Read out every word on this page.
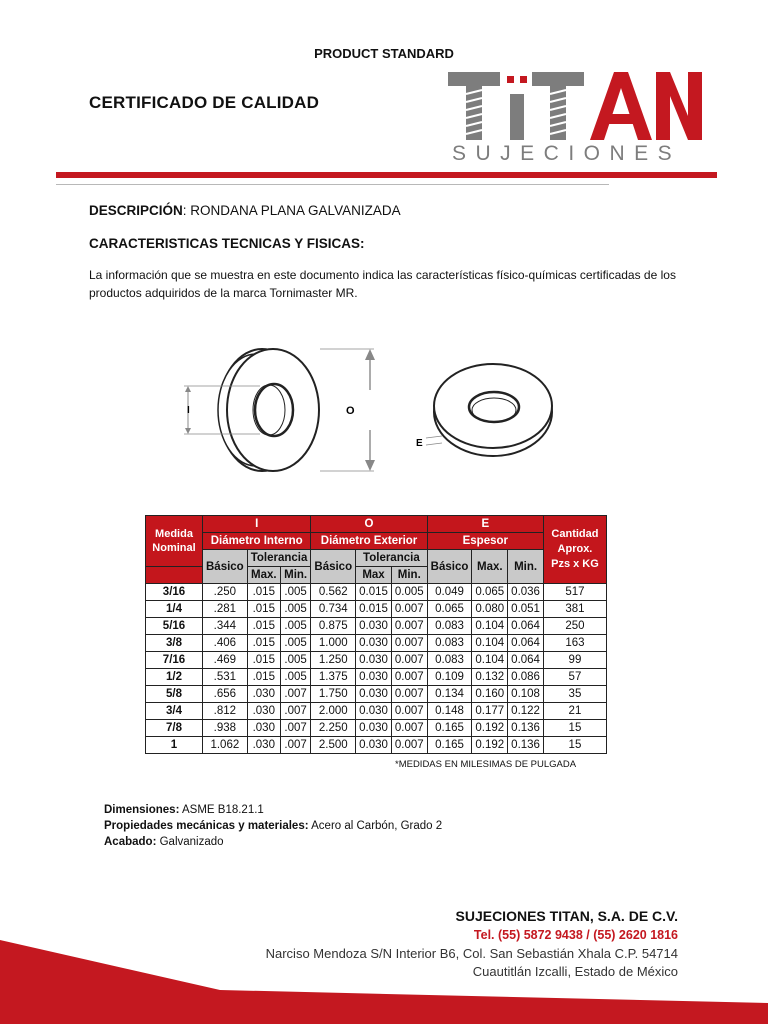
PRODUCT STANDARD
CERTIFICADO DE CALIDAD
SUJECIONES
DESCRIPCIÓN: RONDANA PLANA GALVANIZADA
CARACTERISTICAS TECNICAS Y FISICAS:
La información que se muestra en este documento indica las características físico-químicas certificadas de los productos adquiridos de la marca Tornimaster MR.
I	O
E
Medida Nominal	I			O			E			Cantidad Aprox. Pzs x KG
	Diámetro Interno			Diámetro Exterior			Espesor			
	Básico	Tolerancia		Básico	Tolerancia		Básico	Max.	Min.	
		Max.	Min.		Max	Min.				
3/16	.250	.015	.005	0.562	0.015	0.005	0.049	0.065	0.036	517
1/4	.281	.015	.005	0.734	0.015	0.007	0.065	0.080	0.051	381
5/16	.344	.015	.005	0.875	0.030	0.007	0.083	0.104	0.064	250
3/8	.406	.015	.005	1.000	0.030	0.007	0.083	0.104	0.064	163
7/16	.469	.015	.005	1.250	0.030	0.007	0.083	0.104	0.064	99
1/2	.531	.015	.005	1.375	0.030	0.007	0.109	0.132	0.086	57
5/8	.656	.030	.007	1.750	0.030	0.007	0.134	0.160	0.108	35
3/4	.812	.030	.007	2.000	0.030	0.007	0.148	0.177	0.122	21
7/8	.938	.030	.007	2.250	0.030	0.007	0.165	0.192	0.136	15
1	1.062	.030	.007	2.500	0.030	0.007	0.165	0.192	0.136	15
*MEDIDAS EN MILESIMAS DE PULGADA
Dimensiones: ASME B18.21.1
Propiedades mecánicas y materiales: Acero al Carbón, Grado 2
Acabado: Galvanizado
SUJECIONES TITAN, S.A. DE C.V.
Tel. (55) 5872 9438 / (55) 2620 1816
Narciso Mendoza S/N Interior B6, Col. San Sebastián Xhala C.P. 54714
Cuautitlán Izcalli, Estado de México
